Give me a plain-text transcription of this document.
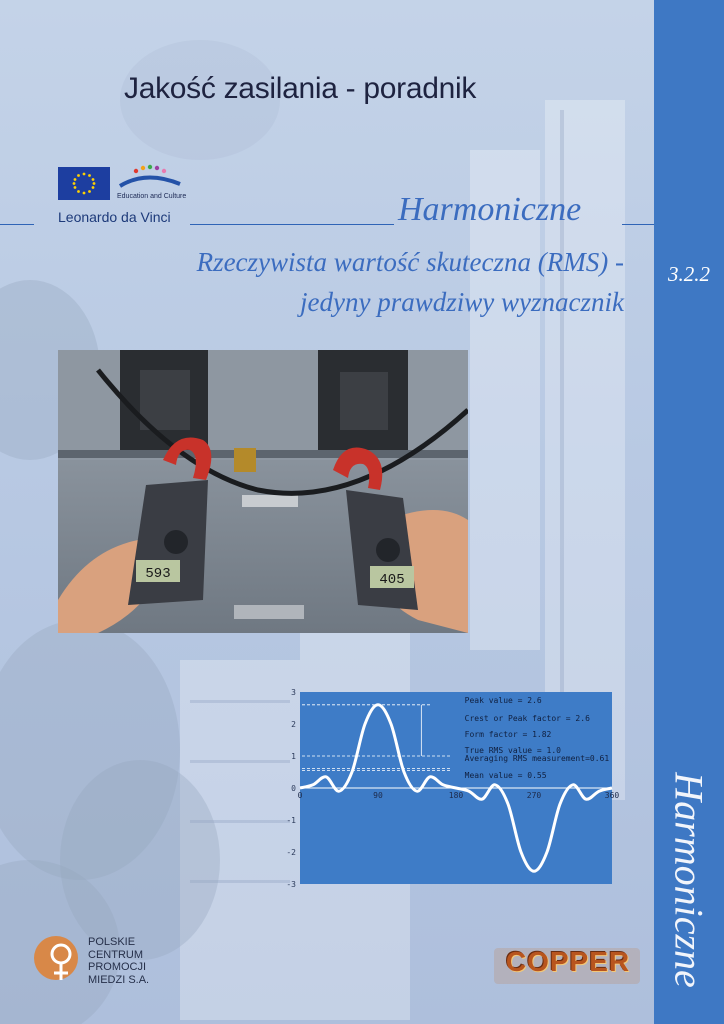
3.2.2
Harmoniczne
Jakość zasilania - poradnik
Education and Culture
Leonardo da Vinci	Harmoniczne
Rzeczywista wartość skuteczna (RMS) -
jedyny prawdziwy wyznacznik
593	405
3
2
1
0
-1
-2
-3
0	90	180	270	360
Peak value = 2.6
Crest or Peak factor = 2.6
Form factor = 1.82
True RMS value = 1.0
Averaging RMS measurement=0.61
Mean value = 0.55
POLSKIE
CENTRUM
PROMOCJI
MIEDZI S.A.
COPPER
